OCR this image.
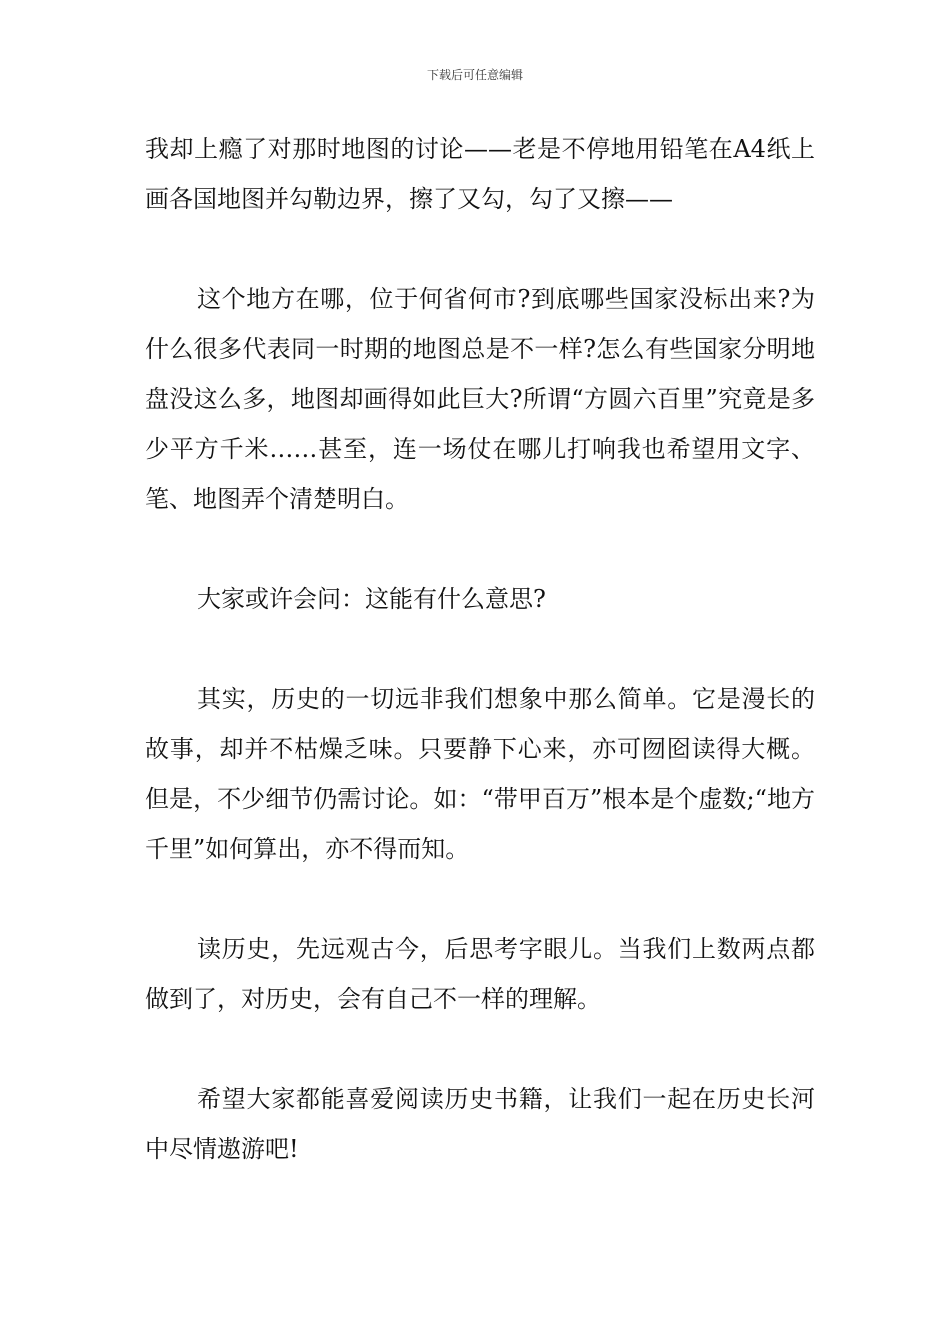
下载后可任意编辑

我却上瘾了对那时地图的讨论——老是不停地用铅笔在A4纸上画各国地图并勾勒边界，擦了又勾，勾了又擦——

这个地方在哪，位于何省何市?到底哪些国家没标出来?为什么很多代表同一时期的地图总是不一样?怎么有些国家分明地盘没这么多，地图却画得如此巨大?所谓“方圆六百里”究竟是多少平方千米……甚至，连一场仗在哪儿打响我也希望用文字、笔、地图弄个清楚明白。

大家或许会问：这能有什么意思?

其实，历史的一切远非我们想象中那么简单。它是漫长的故事，却并不枯燥乏味。只要静下心来，亦可囫囵读得大概。但是，不少细节仍需讨论。如：“带甲百万”根本是个虚数;“地方千里”如何算出，亦不得而知。

读历史，先远观古今，后思考字眼儿。当我们上数两点都做到了，对历史，会有自己不一样的理解。

希望大家都能喜爱阅读历史书籍，让我们一起在历史长河中尽情遨游吧!
